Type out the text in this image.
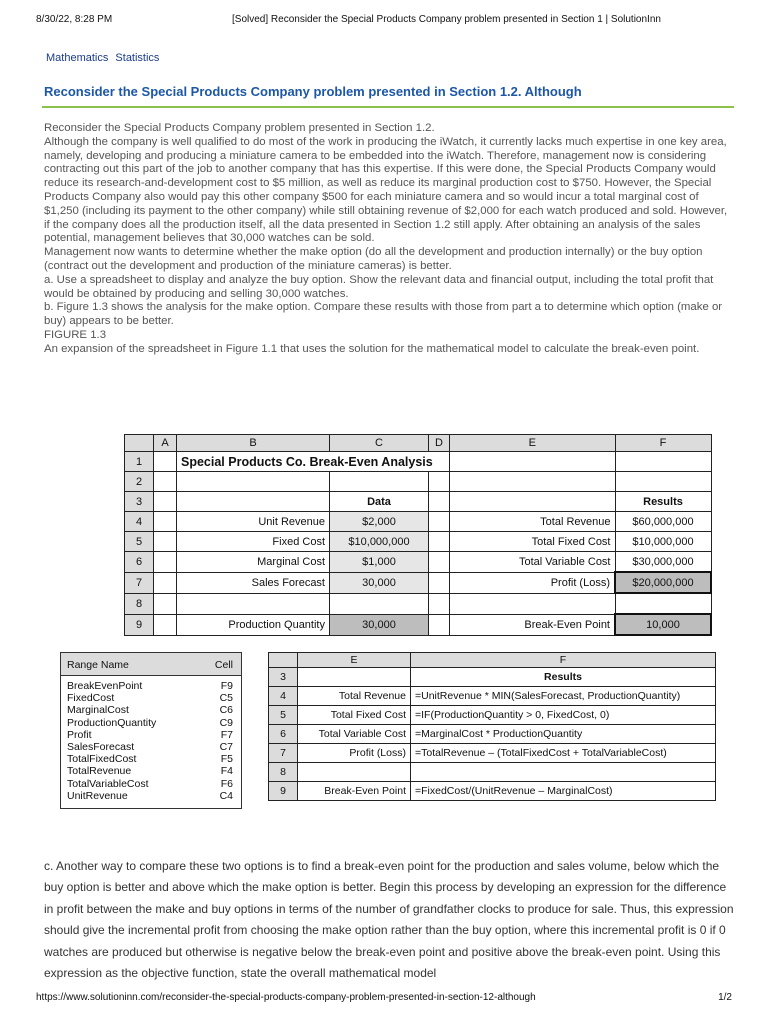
8/30/22, 8:28 PM	[Solved] Reconsider the Special Products Company problem presented in Section 1 | SolutionInn
Mathematics Statistics
Reconsider the Special Products Company problem presented in Section 1.2. Although

Reconsider the Special Products Company problem presented in Section 1.2.

Although the company is well qualified to do most of the work in producing the iWatch, it currently lacks much expertise in one key area, namely, developing and producing a miniature camera to be embedded into the iWatch. Therefore, management now is considering contracting out this part of the job to another company that has this expertise. If this were done, the Special Products Company would reduce its research-and-development cost to $5 million, as well as reduce its marginal production cost to $750. However, the Special Products Company also would pay this other company $500 for each miniature camera and so would incur a total marginal cost of $1,250 (including its payment to the other company) while still obtaining revenue of $2,000 for each watch produced and sold. However, if the company does all the production itself, all the data presented in Section 1.2 still apply. After obtaining an analysis of the sales potential, management believes that 30,000 watches can be sold.

Management now wants to determine whether the make option (do all the development and production internally) or the buy option (contract out the development and production of the miniature cameras) is better.

a. Use a spreadsheet to display and analyze the buy option. Show the relevant data and financial output, including the total profit that would be obtained by producing and selling 30,000 watches.

b. Figure 1.3 shows the analysis for the make option. Compare these results with those from part a to determine which option (make or buy) appears to be better.

FIGURE 1.3

An expansion of the spreadsheet in Figure 1.1 that uses the solution for the mathematical model to calculate the break-even point.

	A	B	C	D	E	F
1		Special Products Co. Break-Even Analysis				
2						
3			Data			Results
4		Unit Revenue	$2,000		Total Revenue	$60,000,000
5		Fixed Cost	$10,000,000		Total Fixed Cost	$10,000,000
6		Marginal Cost	$1,000		Total Variable Cost	$30,000,000
7		Sales Forecast	30,000		Profit (Loss)	$20,000,000
8						
9		Production Quantity	30,000		Break-Even Point	10,000
Range Name	Cell
BreakEvenPoint	F9
FixedCost	C5
MarginalCost	C6
ProductionQuantity	C9
Profit	F7
SalesForecast	C7
TotalFixedCost	F5
TotalRevenue	F4
TotalVariableCost	F6
UnitRevenue	C4
	E	F
3		Results
4	Total Revenue	=UnitRevenue * MIN(SalesForecast, ProductionQuantity)
5	Total Fixed Cost	=IF(ProductionQuantity > 0, FixedCost, 0)
6	Total Variable Cost	=MarginalCost * ProductionQuantity
7	Profit (Loss)	=TotalRevenue – (TotalFixedCost + TotalVariableCost)
8		
9	Break-Even Point	=FixedCost/(UnitRevenue – MarginalCost)
c. Another way to compare these two options is to find a break-even point for the production and sales volume, below which the buy option is better and above which the make option is better. Begin this process by developing an expression for the difference in profit between the make and buy options in terms of the number of grandfather clocks to produce for sale. Thus, this expression should give the incremental profit from choosing the make option rather than the buy option, where this incremental profit is 0 if 0 watches are produced but otherwise is negative below the break-even point and positive above the break-even point. Using this expression as the objective function, state the overall mathematical model
https://www.solutioninn.com/reconsider-the-special-products-company-problem-presented-in-section-12-although	1/2
